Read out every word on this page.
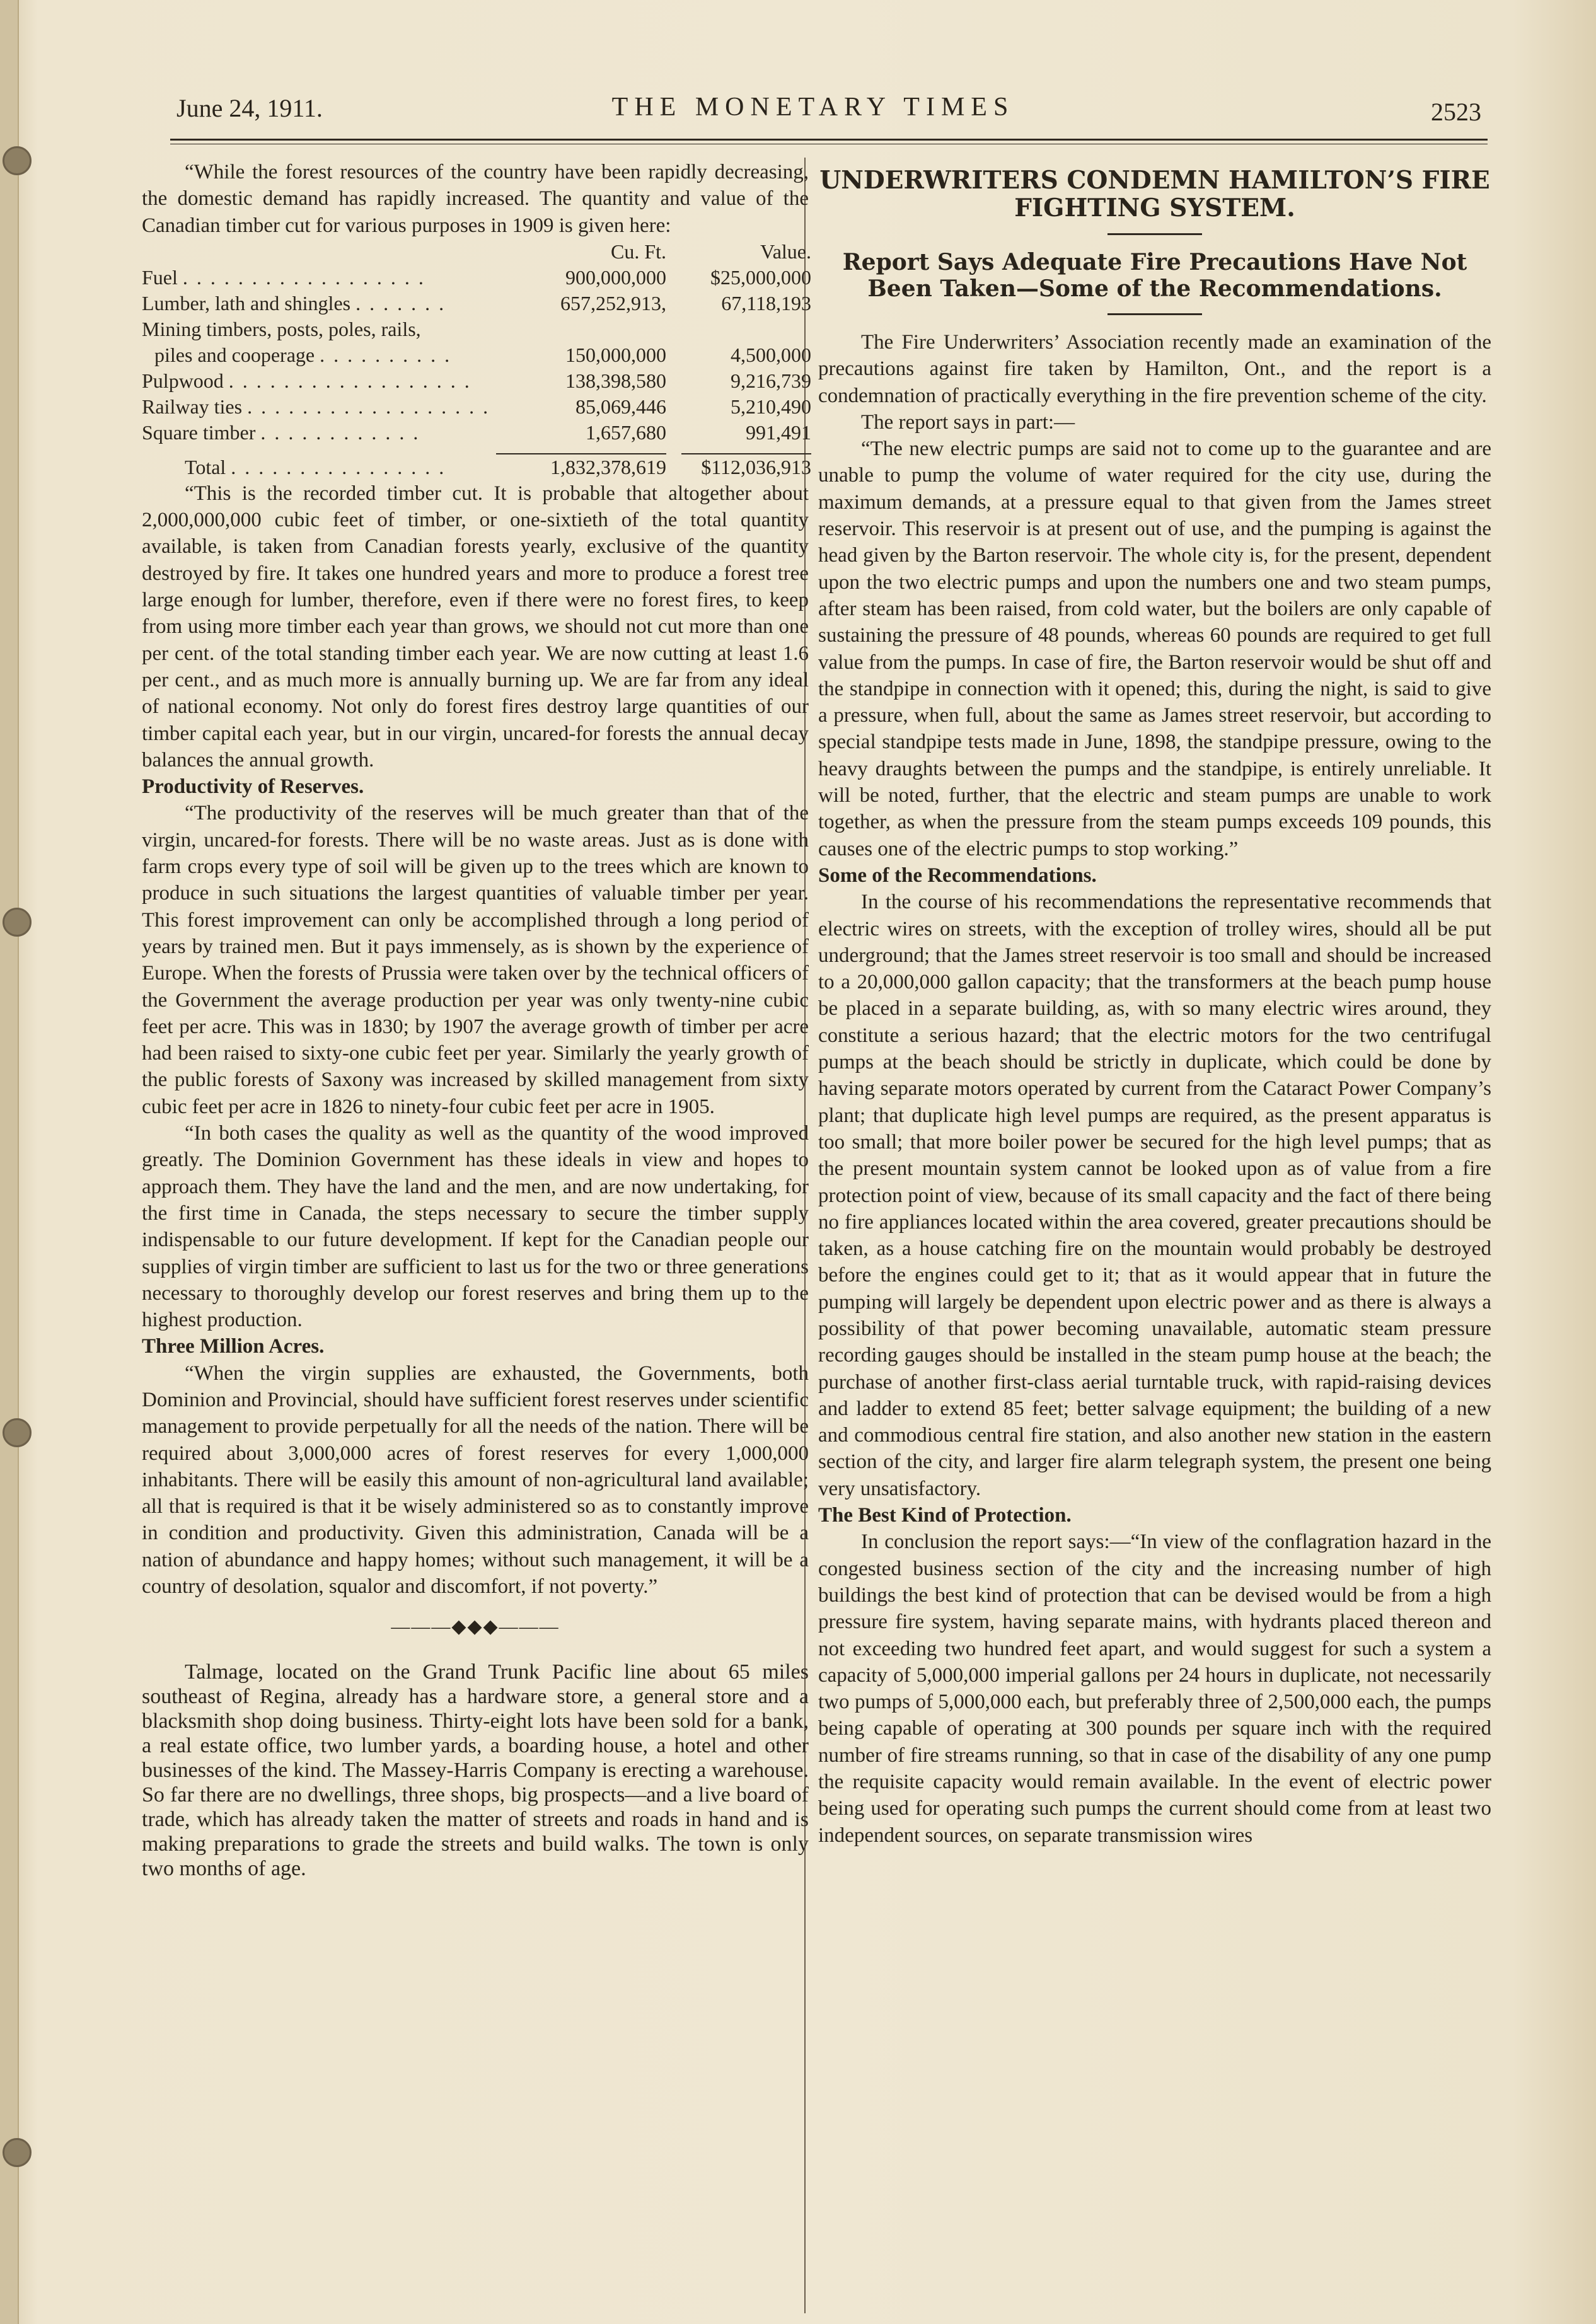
June 24, 1911.	THE MONETARY TIMES	2523

“While the forest resources of the country have been rapidly decreasing, the domestic demand has rapidly increased. The quantity and value of the Canadian timber cut for various purposes in 1909 is given here:

	Cu. Ft.	Value.
Fuel . . . . . . . . . . . . . . . . . .	900,000,000	$25,000,000
Lumber, lath and shingles . . . . . . .	657,252,913,	67,118,193
Mining timbers, posts, poles, rails,		
piles and cooperage . . . . . . . . . .	150,000,000	4,500,000
Pulpwood . . . . . . . . . . . . . . . . . .	138,398,580	9,216,739
Railway ties . . . . . . . . . . . . . . . . . .	85,069,446	5,210,490
Square timber . . . . . . . . . . . .	1,657,680	991,491

Total . . . . . . . . . . . . . . . .	1,832,378,619	$112,036,913

“This is the recorded timber cut. It is probable that altogether about 2,000,000,000 cubic feet of timber, or one-sixtieth of the total quantity available, is taken from Canadian forests yearly, exclusive of the quantity destroyed by fire. It takes one hundred years and more to produce a forest tree large enough for lumber, therefore, even if there were no forest fires, to keep from using more timber each year than grows, we should not cut more than one per cent. of the total standing timber each year. We are now cutting at least 1.6 per cent., and as much more is annually burning up. We are far from any ideal of national economy. Not only do forest fires destroy large quantities of our timber capital each year, but in our virgin, uncared-for forests the annual decay balances the annual growth.

Productivity of Reserves.

“The productivity of the reserves will be much greater than that of the virgin, uncared-for forests. There will be no waste areas. Just as is done with farm crops every type of soil will be given up to the trees which are known to produce in such situations the largest quantities of valuable timber per year. This forest improvement can only be accomplished through a long period of years by trained men. But it pays immensely, as is shown by the experience of Europe. When the forests of Prussia were taken over by the technical officers of the Government the average production per year was only twenty-nine cubic feet per acre. This was in 1830; by 1907 the average growth of timber per acre had been raised to sixty-one cubic feet per year. Similarly the yearly growth of the public forests of Saxony was increased by skilled management from sixty cubic feet per acre in 1826 to ninety-four cubic feet per acre in 1905.

“In both cases the quality as well as the quantity of the wood improved greatly. The Dominion Government has these ideals in view and hopes to approach them. They have the land and the men, and are now undertaking, for the first time in Canada, the steps necessary to secure the timber supply indispensable to our future development. If kept for the Canadian people our supplies of virgin timber are sufficient to last us for the two or three generations necessary to thoroughly develop our forest reserves and bring them up to the highest production.

Three Million Acres.

“When the virgin supplies are exhausted, the Governments, both Dominion and Provincial, should have sufficient forest reserves under scientific management to provide perpetually for all the needs of the nation. There will be required about 3,000,000 acres of forest reserves for every 1,000,000 inhabitants. There will be easily this amount of non-agricultural land available; all that is required is that it be wisely administered so as to constantly improve in condition and productivity. Given this administration, Canada will be a nation of abundance and happy homes; without such management, it will be a country of desolation, squalor and discomfort, if not poverty.”

———◆◆◆———

Talmage, located on the Grand Trunk Pacific line about 65 miles southeast of Regina, already has a hardware store, a general store and a blacksmith shop doing business. Thirty-eight lots have been sold for a bank, a real estate office, two lumber yards, a boarding house, a hotel and other businesses of the kind. The Massey-Harris Company is erecting a warehouse. So far there are no dwellings, three shops, big prospects—and a live board of trade, which has already taken the matter of streets and roads in hand and is making preparations to grade the streets and build walks. The town is only two months of age.

UNDERWRITERS CONDEMN HAMILTON’S FIRE FIGHTING SYSTEM.
Report Says Adequate Fire Precautions Have Not Been Taken—Some of the Recommendations.

The Fire Underwriters’ Association recently made an examination of the precautions against fire taken by Hamilton, Ont., and the report is a condemnation of practically everything in the fire prevention scheme of the city.

The report says in part:—

“The new electric pumps are said not to come up to the guarantee and are unable to pump the volume of water required for the city use, during the maximum demands, at a pressure equal to that given from the James street reservoir. This reservoir is at present out of use, and the pumping is against the head given by the Barton reservoir. The whole city is, for the present, dependent upon the two electric pumps and upon the numbers one and two steam pumps, after steam has been raised, from cold water, but the boilers are only capable of sustaining the pressure of 48 pounds, whereas 60 pounds are required to get full value from the pumps. In case of fire, the Barton reservoir would be shut off and the standpipe in connection with it opened; this, during the night, is said to give a pressure, when full, about the same as James street reservoir, but according to special standpipe tests made in June, 1898, the standpipe pressure, owing to the heavy draughts between the pumps and the standpipe, is entirely unreliable. It will be noted, further, that the electric and steam pumps are unable to work together, as when the pressure from the steam pumps exceeds 109 pounds, this causes one of the electric pumps to stop working.”

Some of the Recommendations.

In the course of his recommendations the representative recommends that electric wires on streets, with the exception of trolley wires, should all be put underground; that the James street reservoir is too small and should be increased to a 20,000,000 gallon capacity; that the transformers at the beach pump house be placed in a separate building, as, with so many electric wires around, they constitute a serious hazard; that the electric motors for the two centrifugal pumps at the beach should be strictly in duplicate, which could be done by having separate motors operated by current from the Cataract Power Company’s plant; that duplicate high level pumps are required, as the present apparatus is too small; that more boiler power be secured for the high level pumps; that as the present mountain system cannot be looked upon as of value from a fire protection point of view, because of its small capacity and the fact of there being no fire appliances located within the area covered, greater precautions should be taken, as a house catching fire on the mountain would probably be destroyed before the engines could get to it; that as it would appear that in future the pumping will largely be dependent upon electric power and as there is always a possibility of that power becoming unavailable, automatic steam pressure recording gauges should be installed in the steam pump house at the beach; the purchase of another first-class aerial turntable truck, with rapid-raising devices and ladder to extend 85 feet; better salvage equipment; the building of a new and commodious central fire station, and also another new station in the eastern section of the city, and larger fire alarm telegraph system, the present one being very unsatisfactory.

The Best Kind of Protection.

In conclusion the report says:—“In view of the conflagration hazard in the congested business section of the city and the increasing number of high buildings the best kind of protection that can be devised would be from a high pressure fire system, having separate mains, with hydrants placed thereon and not exceeding two hundred feet apart, and would suggest for such a system a capacity of 5,000,000 imperial gallons per 24 hours in duplicate, not necessarily two pumps of 5,000,000 each, but preferably three of 2,500,000 each, the pumps being capable of operating at 300 pounds per square inch with the required number of fire streams running, so that in case of the disability of any one pump the requisite capacity would remain available. In the event of electric power being used for operating such pumps the current should come from at least two independent sources, on separate transmission wires
